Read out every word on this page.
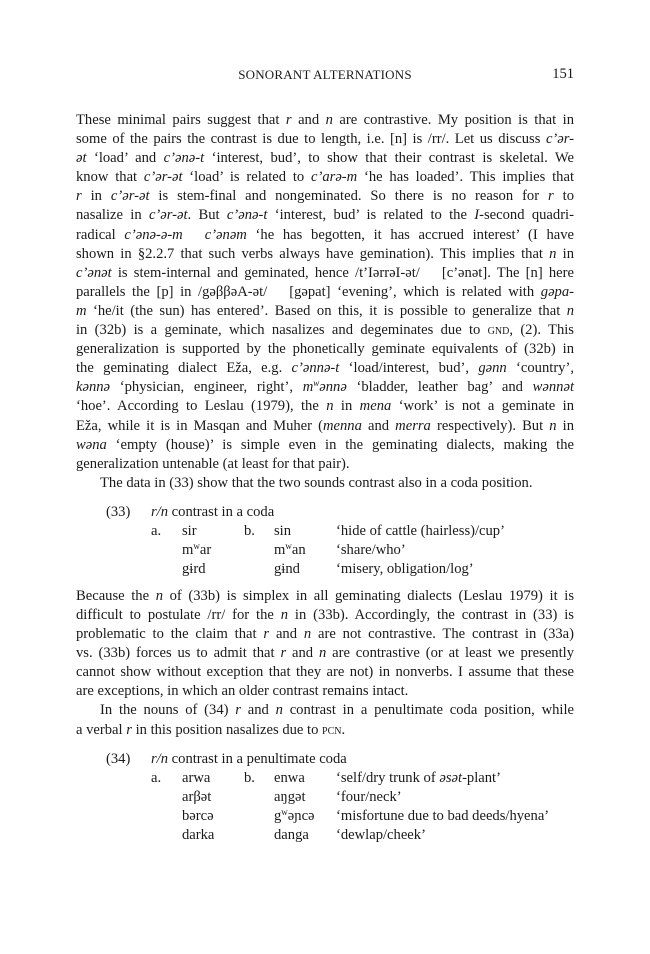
SONORANT ALTERNATIONS	151

These minimal pairs suggest that r and n are contrastive. My position is that in
some of the pairs the contrast is due to length, i.e. [n] is /rr/. Let us discuss c’ər-
ət ‘load’ and c’ənə-t ‘interest, bud’, to show that their contrast is skeletal. We
know that c’ər-ət ‘load’ is related to c’arə-m ‘he has loaded’. This implies that
r in c’ər-ət is stem-final and nongeminated. So there is no reason for r to
nasalize in c’ər-ət. But c’ənə-t ‘interest, bud’ is related to the I-second quadri-
radical c’ənə-ə-m c’ənəm ‘he has begotten, it has accrued interest’ (I have
shown in §2.2.7 that such verbs always have gemination). This implies that n in
c’ənət is stem-internal and geminated, hence /t’IərrəI-ət/ [c’ənət]. The [n] here
parallels the [p] in /gəββəA-ət/ [gəpat] ‘evening’, which is related with gəpa-
m ‘he/it (the sun) has entered’. Based on this, it is possible to generalize that n
in (32b) is a geminate, which nasalizes and degeminates due to gnd, (2). This
generalization is supported by the phonetically geminate equivalents of (32b) in
the geminating dialect Eža, e.g. c’ənnə-t ‘load/interest, bud’, gənn ‘country’,
kənnə ‘physician, engineer, right’, $m^wənnə$ ‘bladder, leather bag’ and wənnət
‘hoe’. According to Leslau (1979), the n in mena ‘work’ is not a geminate in
Eža, while it is in Masqan and Muher (menna and merra respectively). But n in
wəna ‘empty (house)’ is simple even in the geminating dialects, making the
generalization untenable (at least for that pair).

The data in (33) show that the two sounds contrast also in a coda position.

(33) r/n contrast in a coda
a. sir	b. sin	‘hide of cattle (hairless)/cup’
$m^war$	$m^wan$ ‘share/who’
gɨrd	gɨnd ‘misery, obligation/log’

Because the n of (33b) is simplex in all geminating dialects (Leslau 1979) it is
difficult to postulate /rr/ for the n in (33b). Accordingly, the contrast in (33) is
problematic to the claim that r and n are not contrastive. The contrast in (33a)
vs. (33b) forces us to admit that r and n are contrastive (or at least we presently
cannot show without exception that they are not) in nonverbs. I assume that these
are exceptions, in which an older contrast remains intact.

In the nouns of (34) r and n contrast in a penultimate coda position, while
a verbal r in this position nasalizes due to pcn.

(34) r/n contrast in a penultimate coda
a. arwa b. enwa ‘self/dry trunk of əsət-plant’
arβət	aŋgət ‘four/neck’
bərcə	$g^wəɲcə$ ‘misfortune due to bad deeds/hyena’
darka	danga ‘dewlap/cheek’
